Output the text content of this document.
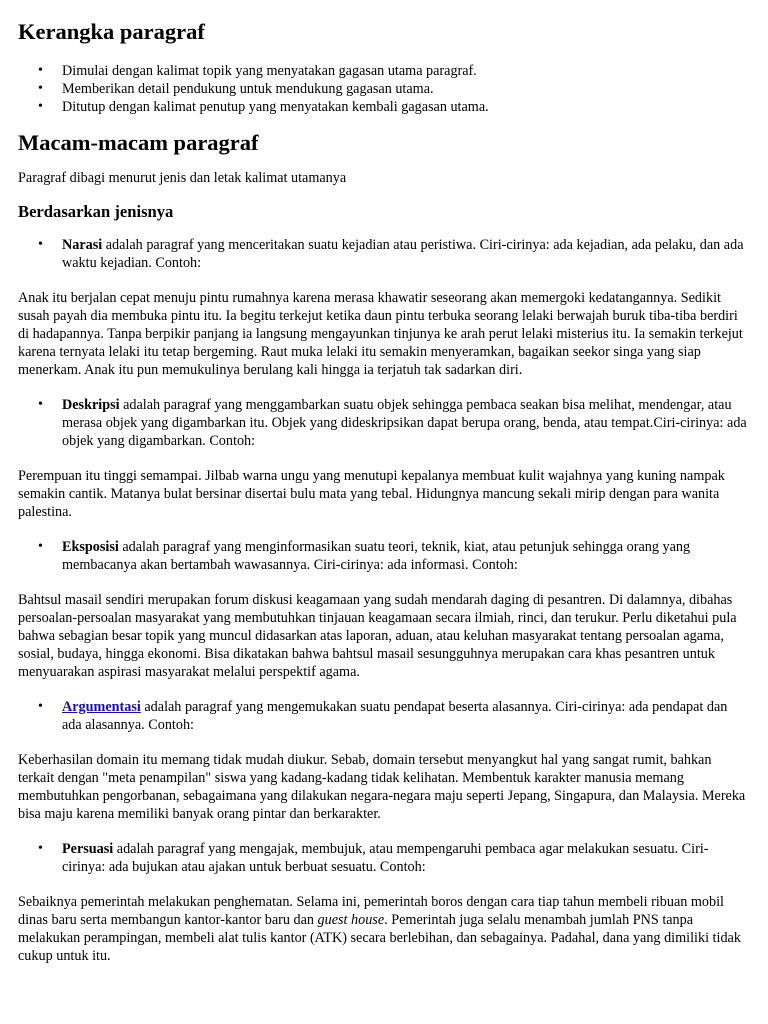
Kerangka paragraf
• Dimulai dengan kalimat topik yang menyatakan gagasan utama paragraf.
• Memberikan detail pendukung untuk mendukung gagasan utama.
• Ditutup dengan kalimat penutup yang menyatakan kembali gagasan utama.
Macam-macam paragraf

Paragraf dibagi menurut jenis dan letak kalimat utamanya

Berdasarkan jenisnya
• Narasi adalah paragraf yang menceritakan suatu kejadian atau peristiwa. Ciri-cirinya: ada kejadian, ada pelaku, dan ada waktu kejadian. Contoh:

Anak itu berjalan cepat menuju pintu rumahnya karena merasa khawatir seseorang akan memergoki kedatangannya. Sedikit susah payah dia membuka pintu itu. Ia begitu terkejut ketika daun pintu terbuka seorang lelaki berwajah buruk tiba-tiba berdiri di hadapannya. Tanpa berpikir panjang ia langsung mengayunkan tinjunya ke arah perut lelaki misterius itu. Ia semakin terkejut karena ternyata lelaki itu tetap bergeming. Raut muka lelaki itu semakin menyeramkan, bagaikan seekor singa yang siap menerkam. Anak itu pun memukulinya berulang kali hingga ia terjatuh tak sadarkan diri.

• Deskripsi adalah paragraf yang menggambarkan suatu objek sehingga pembaca seakan bisa melihat, mendengar, atau merasa objek yang digambarkan itu. Objek yang dideskripsikan dapat berupa orang, benda, atau tempat.Ciri-cirinya: ada objek yang digambarkan. Contoh:

Perempuan itu tinggi semampai. Jilbab warna ungu yang menutupi kepalanya membuat kulit wajahnya yang kuning nampak semakin cantik. Matanya bulat bersinar disertai bulu mata yang tebal. Hidungnya mancung sekali mirip dengan para wanita palestina.

• Eksposisi adalah paragraf yang menginformasikan suatu teori, teknik, kiat, atau petunjuk sehingga orang yang membacanya akan bertambah wawasannya. Ciri-cirinya: ada informasi. Contoh:

Bahtsul masail sendiri merupakan forum diskusi keagamaan yang sudah mendarah daging di pesantren. Di dalamnya, dibahas persoalan-persoalan masyarakat yang membutuhkan tinjauan keagamaan secara ilmiah, rinci, dan terukur. Perlu diketahui pula bahwa sebagian besar topik yang muncul didasarkan atas laporan, aduan, atau keluhan masyarakat tentang persoalan agama, sosial, budaya, hingga ekonomi. Bisa dikatakan bahwa bahtsul masail sesungguhnya merupakan cara khas pesantren untuk menyuarakan aspirasi masyarakat melalui perspektif agama.

• Argumentasi adalah paragraf yang mengemukakan suatu pendapat beserta alasannya. Ciri-cirinya: ada pendapat dan ada alasannya. Contoh:

Keberhasilan domain itu memang tidak mudah diukur. Sebab, domain tersebut menyangkut hal yang sangat rumit, bahkan terkait dengan "meta penampilan" siswa yang kadang-kadang tidak kelihatan. Membentuk karakter manusia memang membutuhkan pengorbanan, sebagaimana yang dilakukan negara-negara maju seperti Jepang, Singapura, dan Malaysia. Mereka bisa maju karena memiliki banyak orang pintar dan berkarakter.

• Persuasi adalah paragraf yang mengajak, membujuk, atau mempengaruhi pembaca agar melakukan sesuatu. Ciri-cirinya: ada bujukan atau ajakan untuk berbuat sesuatu. Contoh:

Sebaiknya pemerintah melakukan penghematan. Selama ini, pemerintah boros dengan cara tiap tahun membeli ribuan mobil dinas baru serta membangun kantor-kantor baru dan guest house. Pemerintah juga selalu menambah jumlah PNS tanpa melakukan perampingan, membeli alat tulis kantor (ATK) secara berlebihan, dan sebagainya. Padahal, dana yang dimiliki tidak cukup untuk itu.
